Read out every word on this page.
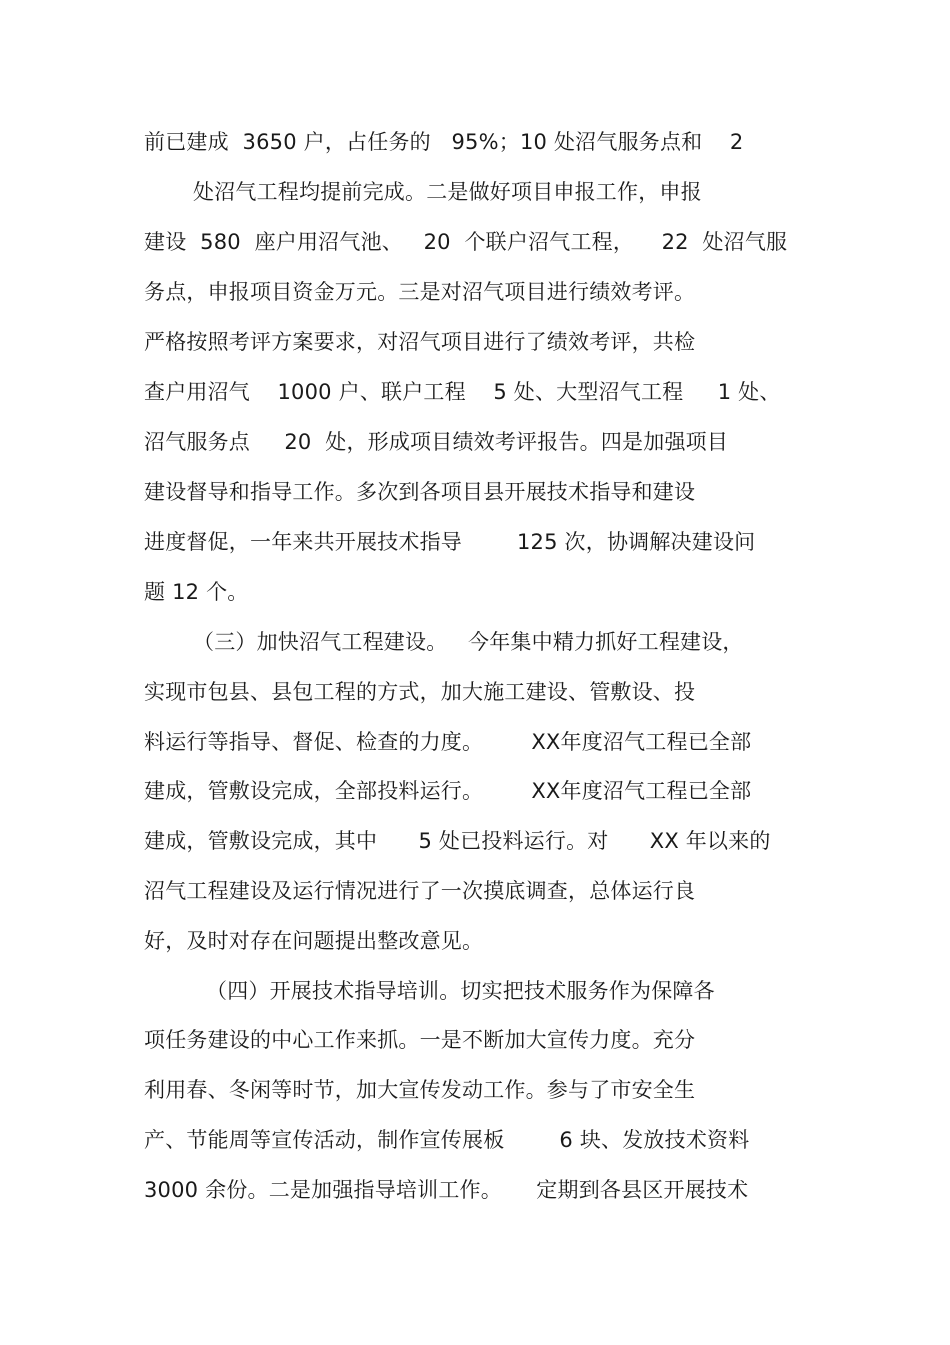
前已建成  3650 户，占任务的   95%；10 处沼气服务点和    2
处沼气工程均提前完成。二是做好项目申报工作，申报
建设  580  座户用沼气池、   20  个联户沼气工程，    22  处沼气服
务点，申报项目资金万元。三是对沼气项目进行绩效考评。
严格按照考评方案要求，对沼气项目进行了绩效考评，共检
查户用沼气    1000 户、联户工程    5 处、大型沼气工程     1 处、
沼气服务点     20  处，形成项目绩效考评报告。四是加强项目
建设督导和指导工作。多次到各项目县开展技术指导和建设
进度督促，一年来共开展技术指导        125 次，协调解决建设问
题 12 个。
（三）加快沼气工程建设。   今年集中精力抓好工程建设，
实现市包县、县包工程的方式，加大施工建设、管敷设、投
料运行等指导、督促、检查的力度。       XX年度沼气工程已全部
建成，管敷设完成，全部投料运行。       XX年度沼气工程已全部
建成，管敷设完成，其中      5 处已投料运行。对      XX 年以来的
沼气工程建设及运行情况进行了一次摸底调查，总体运行良
好，及时对存在问题提出整改意见。
（四）开展技术指导培训。切实把技术服务作为保障各
项任务建设的中心工作来抓。一是不断加大宣传力度。充分
利用春、冬闲等时节，加大宣传发动工作。参与了市安全生
产、节能周等宣传活动，制作宣传展板        6 块、发放技术资料
3000 余份。二是加强指导培训工作。     定期到各县区开展技术
